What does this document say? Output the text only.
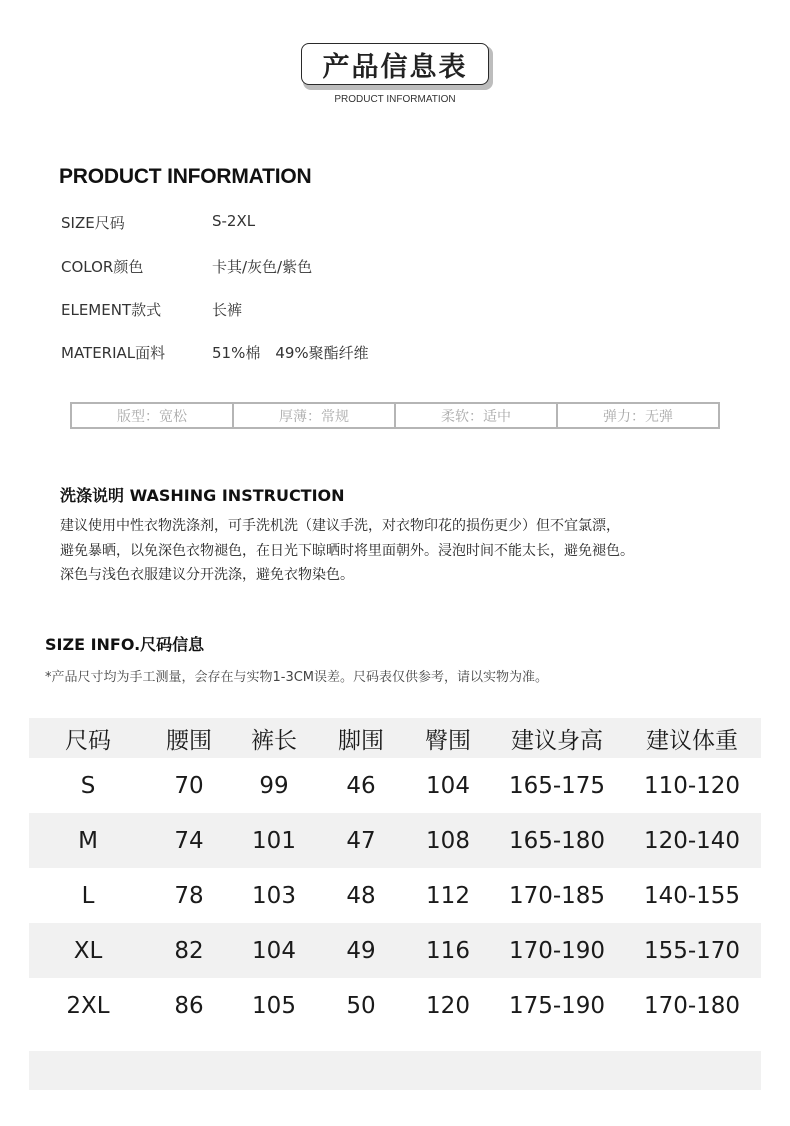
产品信息表
PRODUCT INFORMATION
PRODUCT INFORMATION
SIZE尺码	S-2XL
COLOR颜色	卡其/灰色/紫色
ELEMENT款式	长裤
MATERIAL面料	51%棉　49%聚酯纤维
版型：宽松	厚薄：常规	柔软：适中	弹力：无弹
洗涤说明 WASHING INSTRUCTION
建议使用中性衣物洗涤剂，可手洗机洗（建议手洗，对衣物印花的损伤更少）但不宜氯漂，
避免暴晒，以免深色衣物褪色，在日光下晾晒时将里面朝外。浸泡时间不能太长，避免褪色。
深色与浅色衣服建议分开洗涤，避免衣物染色。
SIZE INFO.尺码信息
*产品尺寸均为手工测量，会存在与实物1-3CM误差。尺码表仅供参考，请以实物为准。
尺码	腰围	裤长	脚围	臀围	建议身高	建议体重
S	70	99	46	104	165-175	110-120
M	74	101	47	108	165-180	120-140
L	78	103	48	112	170-185	140-155
XL	82	104	49	116	170-190	155-170
2XL	86	105	50	120	175-190	170-180
